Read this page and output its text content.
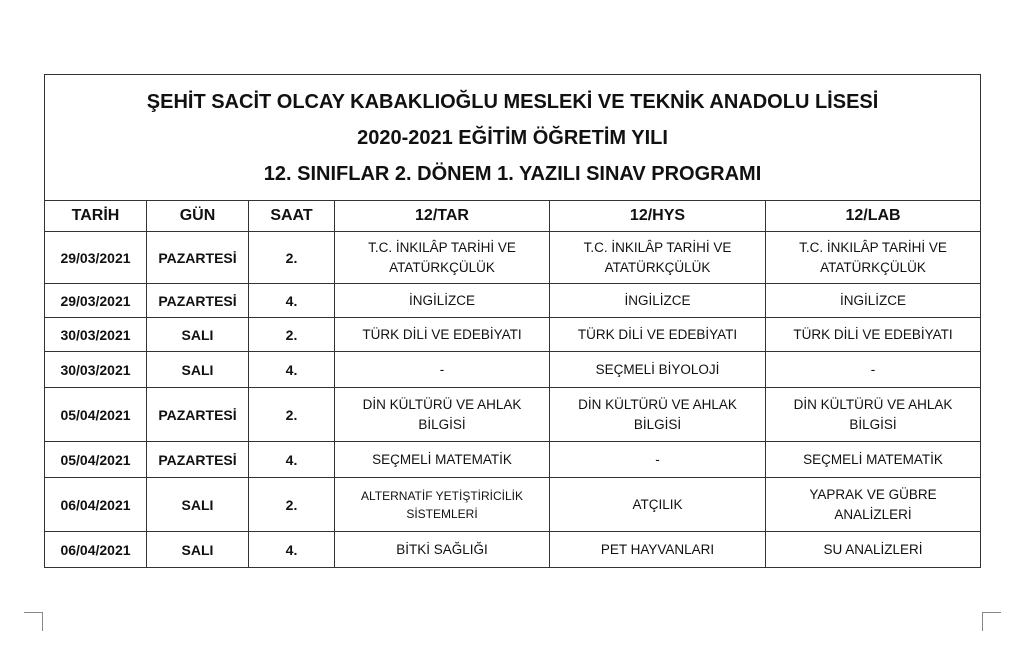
ŞEHİT SACİT OLCAY KABAKLIOĞLU MESLEKİ VE TEKNİK ANADOLU LİSESİ
2020-2021 EĞİTİM ÖĞRETİM YILI
12. SINIFLAR 2. DÖNEM 1. YAZILI SINAV PROGRAMI					

TARİH	GÜN	SAAT	12/TAR	12/HYS	12/LAB
29/03/2021	PAZARTESİ	2.	T.C. İNKILÂP TARİHİ VE ATATÜRKÇÜLÜK	T.C. İNKILÂP TARİHİ VE ATATÜRKÇÜLÜK	T.C. İNKILÂP TARİHİ VE ATATÜRKÇÜLÜK
29/03/2021	PAZARTESİ	4.	İNGİLİZCE	İNGİLİZCE	İNGİLİZCE
30/03/2021	SALI	2.	TÜRK DİLİ VE EDEBİYATI	TÜRK DİLİ VE EDEBİYATI	TÜRK DİLİ VE EDEBİYATI
30/03/2021	SALI	4.	-	SEÇMELİ BİYOLOJİ	-
05/04/2021	PAZARTESİ	2.	DİN KÜLTÜRÜ VE AHLAK BİLGİSİ	DİN KÜLTÜRÜ VE AHLAK BİLGİSİ	DİN KÜLTÜRÜ VE AHLAK BİLGİSİ
05/04/2021	PAZARTESİ	4.	SEÇMELİ MATEMATİK	-	SEÇMELİ MATEMATİK
06/04/2021	SALI	2.	ALTERNATİF YETİŞTİRİCİLİK SİSTEMLERİ	ATÇILIK	YAPRAK VE GÜBRE ANALİZLERİ
06/04/2021	SALI	4.	BİTKİ SAĞLIĞI	PET HAYVANLARI	SU ANALİZLERİ
